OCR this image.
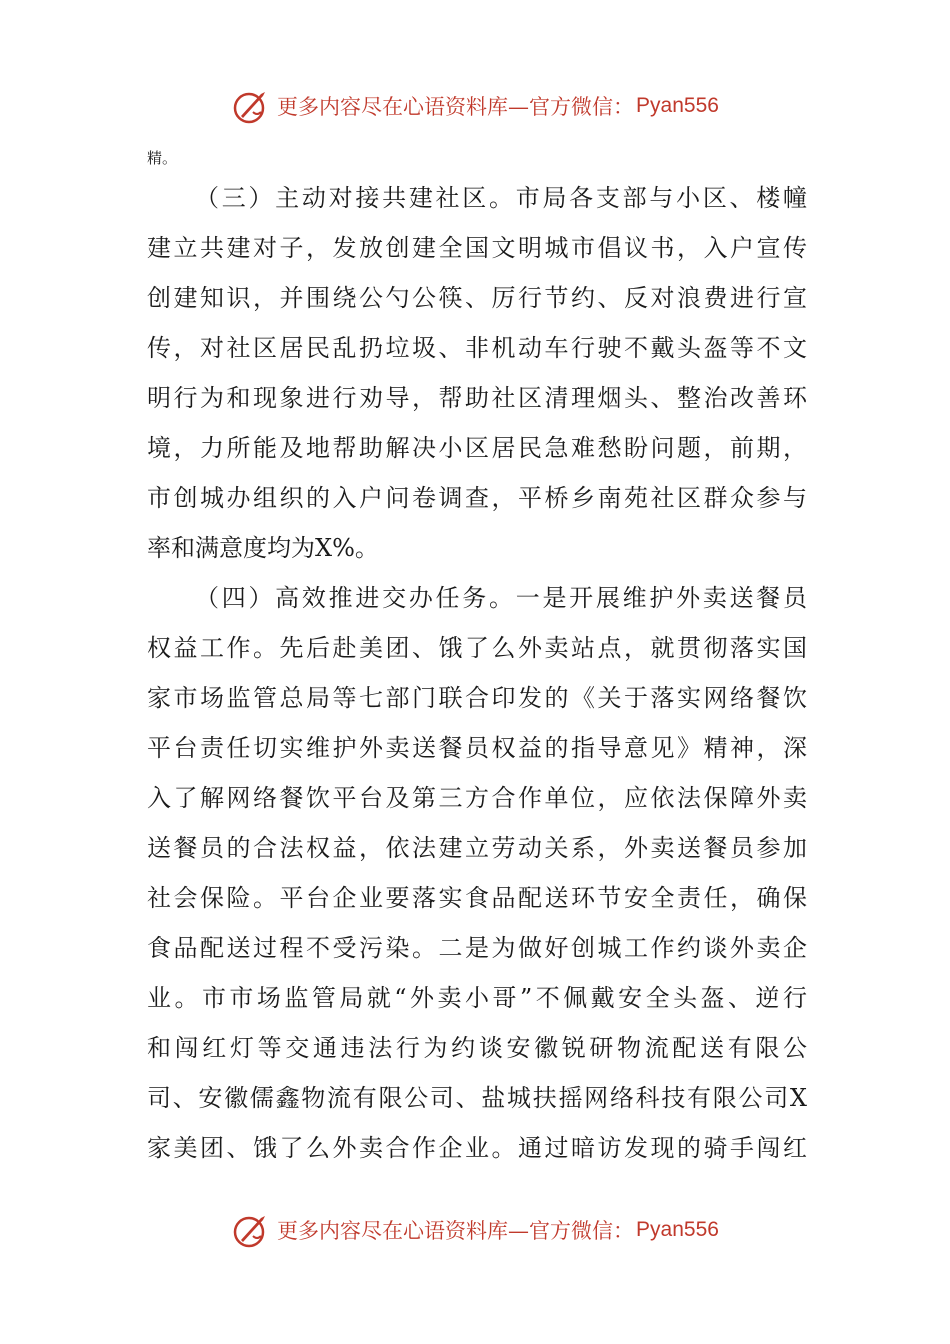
更多内容尽在心语资料库—官方微信： Pyan556
精。
（三）主动对接共建社区。市局各支部与小区、楼幢
建立共建对子，发放创建全国文明城市倡议书，入户宣传
创建知识，并围绕公勺公筷、厉行节约、反对浪费进行宣
传，对社区居民乱扔垃圾、非机动车行驶不戴头盔等不文
明行为和现象进行劝导，帮助社区清理烟头、整治改善环
境，力所能及地帮助解决小区居民急难愁盼问题，前期，
市创城办组织的入户问卷调查，平桥乡南苑社区群众参与
率和满意度均为X%。
（四）高效推进交办任务。一是开展维护外卖送餐员
权益工作。先后赴美团、饿了么外卖站点，就贯彻落实国
家市场监管总局等七部门联合印发的《关于落实网络餐饮
平台责任切实维护外卖送餐员权益的指导意见》精神，深
入了解网络餐饮平台及第三方合作单位，应依法保障外卖
送餐员的合法权益，依法建立劳动关系，外卖送餐员参加
社会保险。平台企业要落实食品配送环节安全责任，确保
食品配送过程不受污染。二是为做好创城工作约谈外卖企
业。市市场监管局就“外卖小哥”不佩戴安全头盔、逆行
和闯红灯等交通违法行为约谈安徽锐研物流配送有限公
司、安徽儒鑫物流有限公司、盐城扶摇网络科技有限公司X
家美团、饿了么外卖合作企业。通过暗访发现的骑手闯红
更多内容尽在心语资料库—官方微信： Pyan556
